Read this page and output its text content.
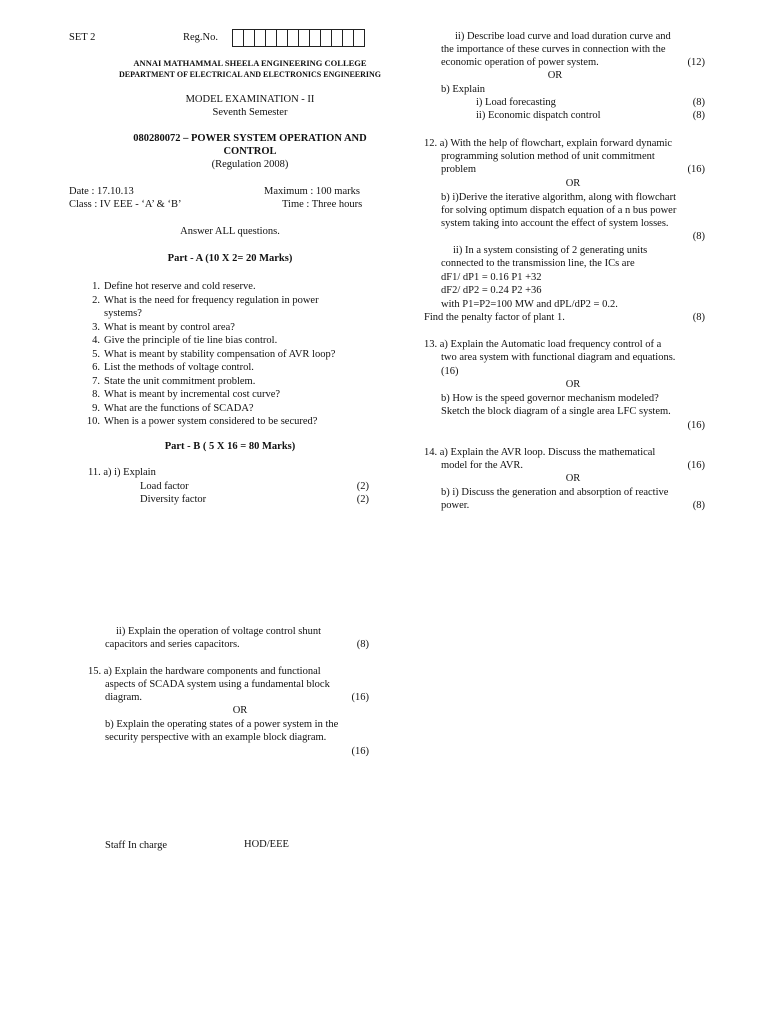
SET 2	Reg.No.
ANNAI MATHAMMAL SHEELA ENGINEERING COLLEGE
DEPARTMENT OF ELECTRICAL AND ELECTRONICS ENGINEERING
MODEL EXAMINATION - II
Seventh Semester
080280072 – POWER SYSTEM OPERATION AND
CONTROL
(Regulation 2008)
Date : 17.10.13	Maximum : 100 marks
Class : IV EEE - ‘A’ & ‘B’	Time : Three hours
Answer ALL questions.
Part - A (10 X 2= 20 Marks)
1. Define hot reserve and cold reserve.
2. What is the need for frequency regulation in power
systems?
3. What is meant by control area?
4. Give the principle of tie line bias control.
5. What is meant by stability compensation of AVR loop?
6. List the methods of voltage control.
7. State the unit commitment problem.
8. What is meant by incremental cost curve?
9. What are the functions of SCADA?
10. When is a power system considered to be secured?
Part - B ( 5 X 16 = 80 Marks)
11. a) i) Explain
Load factor	(2)
Diversity factor	(2)
ii) Explain the operation of voltage control shunt
capacitors and series capacitors.	(8)
15. a) Explain the hardware components and functional
aspects of SCADA system using a fundamental block
diagram.	(16)
OR
b) Explain the operating states of a power system in the
security perspective with an example block diagram.
(16)
Staff In charge	HOD/EEE
ii) Describe load curve and load duration curve and
the importance of these curves in connection with the
economic operation of power system.	(12)
OR
b) Explain
i) Load forecasting	(8)
ii) Economic dispatch control	(8)
12. a) With the help of flowchart, explain forward dynamic
programming solution method of unit commitment
problem	(16)
OR
b) i)Derive the iterative algorithm, along with flowchart
for solving optimum dispatch equation of a n bus power
system taking into account the effect of system losses.
(8)
ii) In a system consisting of 2 generating units
connected to the transmission line, the ICs are
dF1/ dP1 = 0.16 P1 +32
dF2/ dP2 = 0.24 P2 +36
with P1=P2=100 MW and dPL/dP2 = 0.2.
Find the penalty factor of plant 1.	(8)
13. a) Explain the Automatic load frequency control of a
two area system with functional diagram and equations.
(16)
OR
b) How is the speed governor mechanism modeled?
Sketch the block diagram of a single area LFC system.
(16)
14. a) Explain the AVR loop. Discuss the mathematical
model for the AVR.	(16)
OR
b) i) Discuss the generation and absorption of reactive
power.	(8)
